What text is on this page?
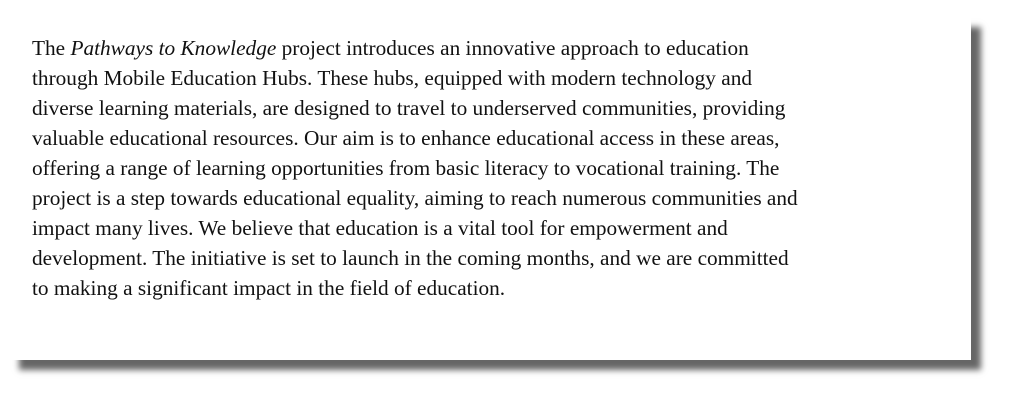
The Pathways to Knowledge project introduces an innovative approach to education
through Mobile Education Hubs. These hubs, equipped with modern technology and
diverse learning materials, are designed to travel to underserved communities, providing
valuable educational resources. Our aim is to enhance educational access in these areas,
offering a range of learning opportunities from basic literacy to vocational training. The
project is a step towards educational equality, aiming to reach numerous communities and
impact many lives. We believe that education is a vital tool for empowerment and
development. The initiative is set to launch in the coming months, and we are committed
to making a significant impact in the field of education.
